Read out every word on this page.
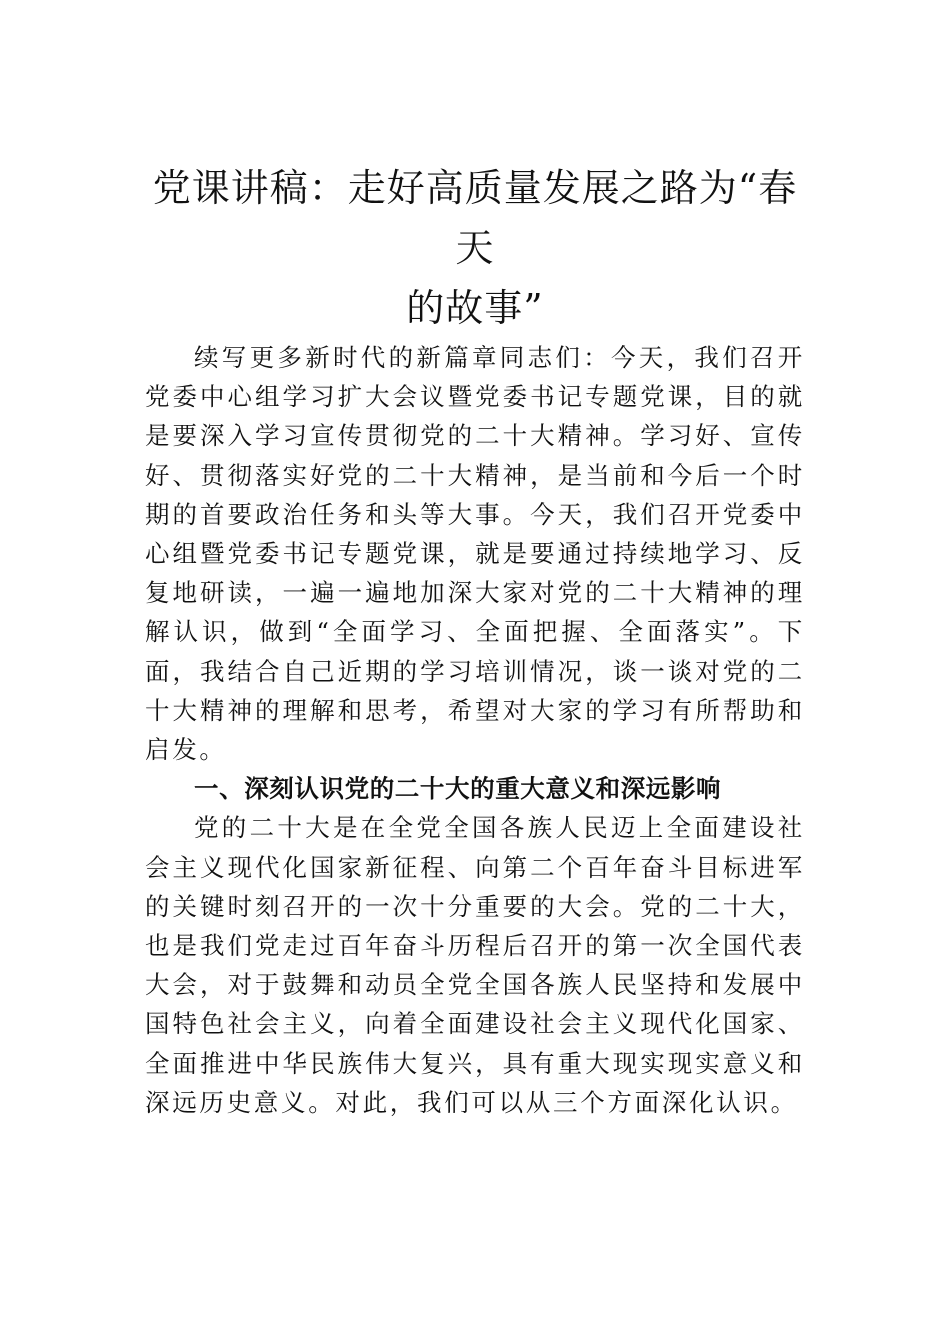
党课讲稿：走好高质量发展之路为“春天
的故事”

续写更多新时代的新篇章同志们：今天，我们召开党委中心组学习扩大会议暨党委书记专题党课，目的就是要深入学习宣传贯彻党的二十大精神。学习好、宣传好、贯彻落实好党的二十大精神，是当前和今后一个时期的首要政治任务和头等大事。今天，我们召开党委中心组暨党委书记专题党课，就是要通过持续地学习、反复地研读，一遍一遍地加深大家对党的二十大精神的理解认识，做到“全面学习、全面把握、全面落实”。下面，我结合自己近期的学习培训情况，谈一谈对党的二十大精神的理解和思考，希望对大家的学习有所帮助和启发。

一、深刻认识党的二十大的重大意义和深远影响

党的二十大是在全党全国各族人民迈上全面建设社会主义现代化国家新征程、向第二个百年奋斗目标进军的关键时刻召开的一次十分重要的大会。党的二十大，也是我们党走过百年奋斗历程后召开的第一次全国代表大会，对于鼓舞和动员全党全国各族人民坚持和发展中国特色社会主义，向着全面建设社会主义现代化国家、全面推进中华民族伟大复兴，具有重大现实现实意义和深远历史意义。对此，我们可以从三个方面深化认识。
